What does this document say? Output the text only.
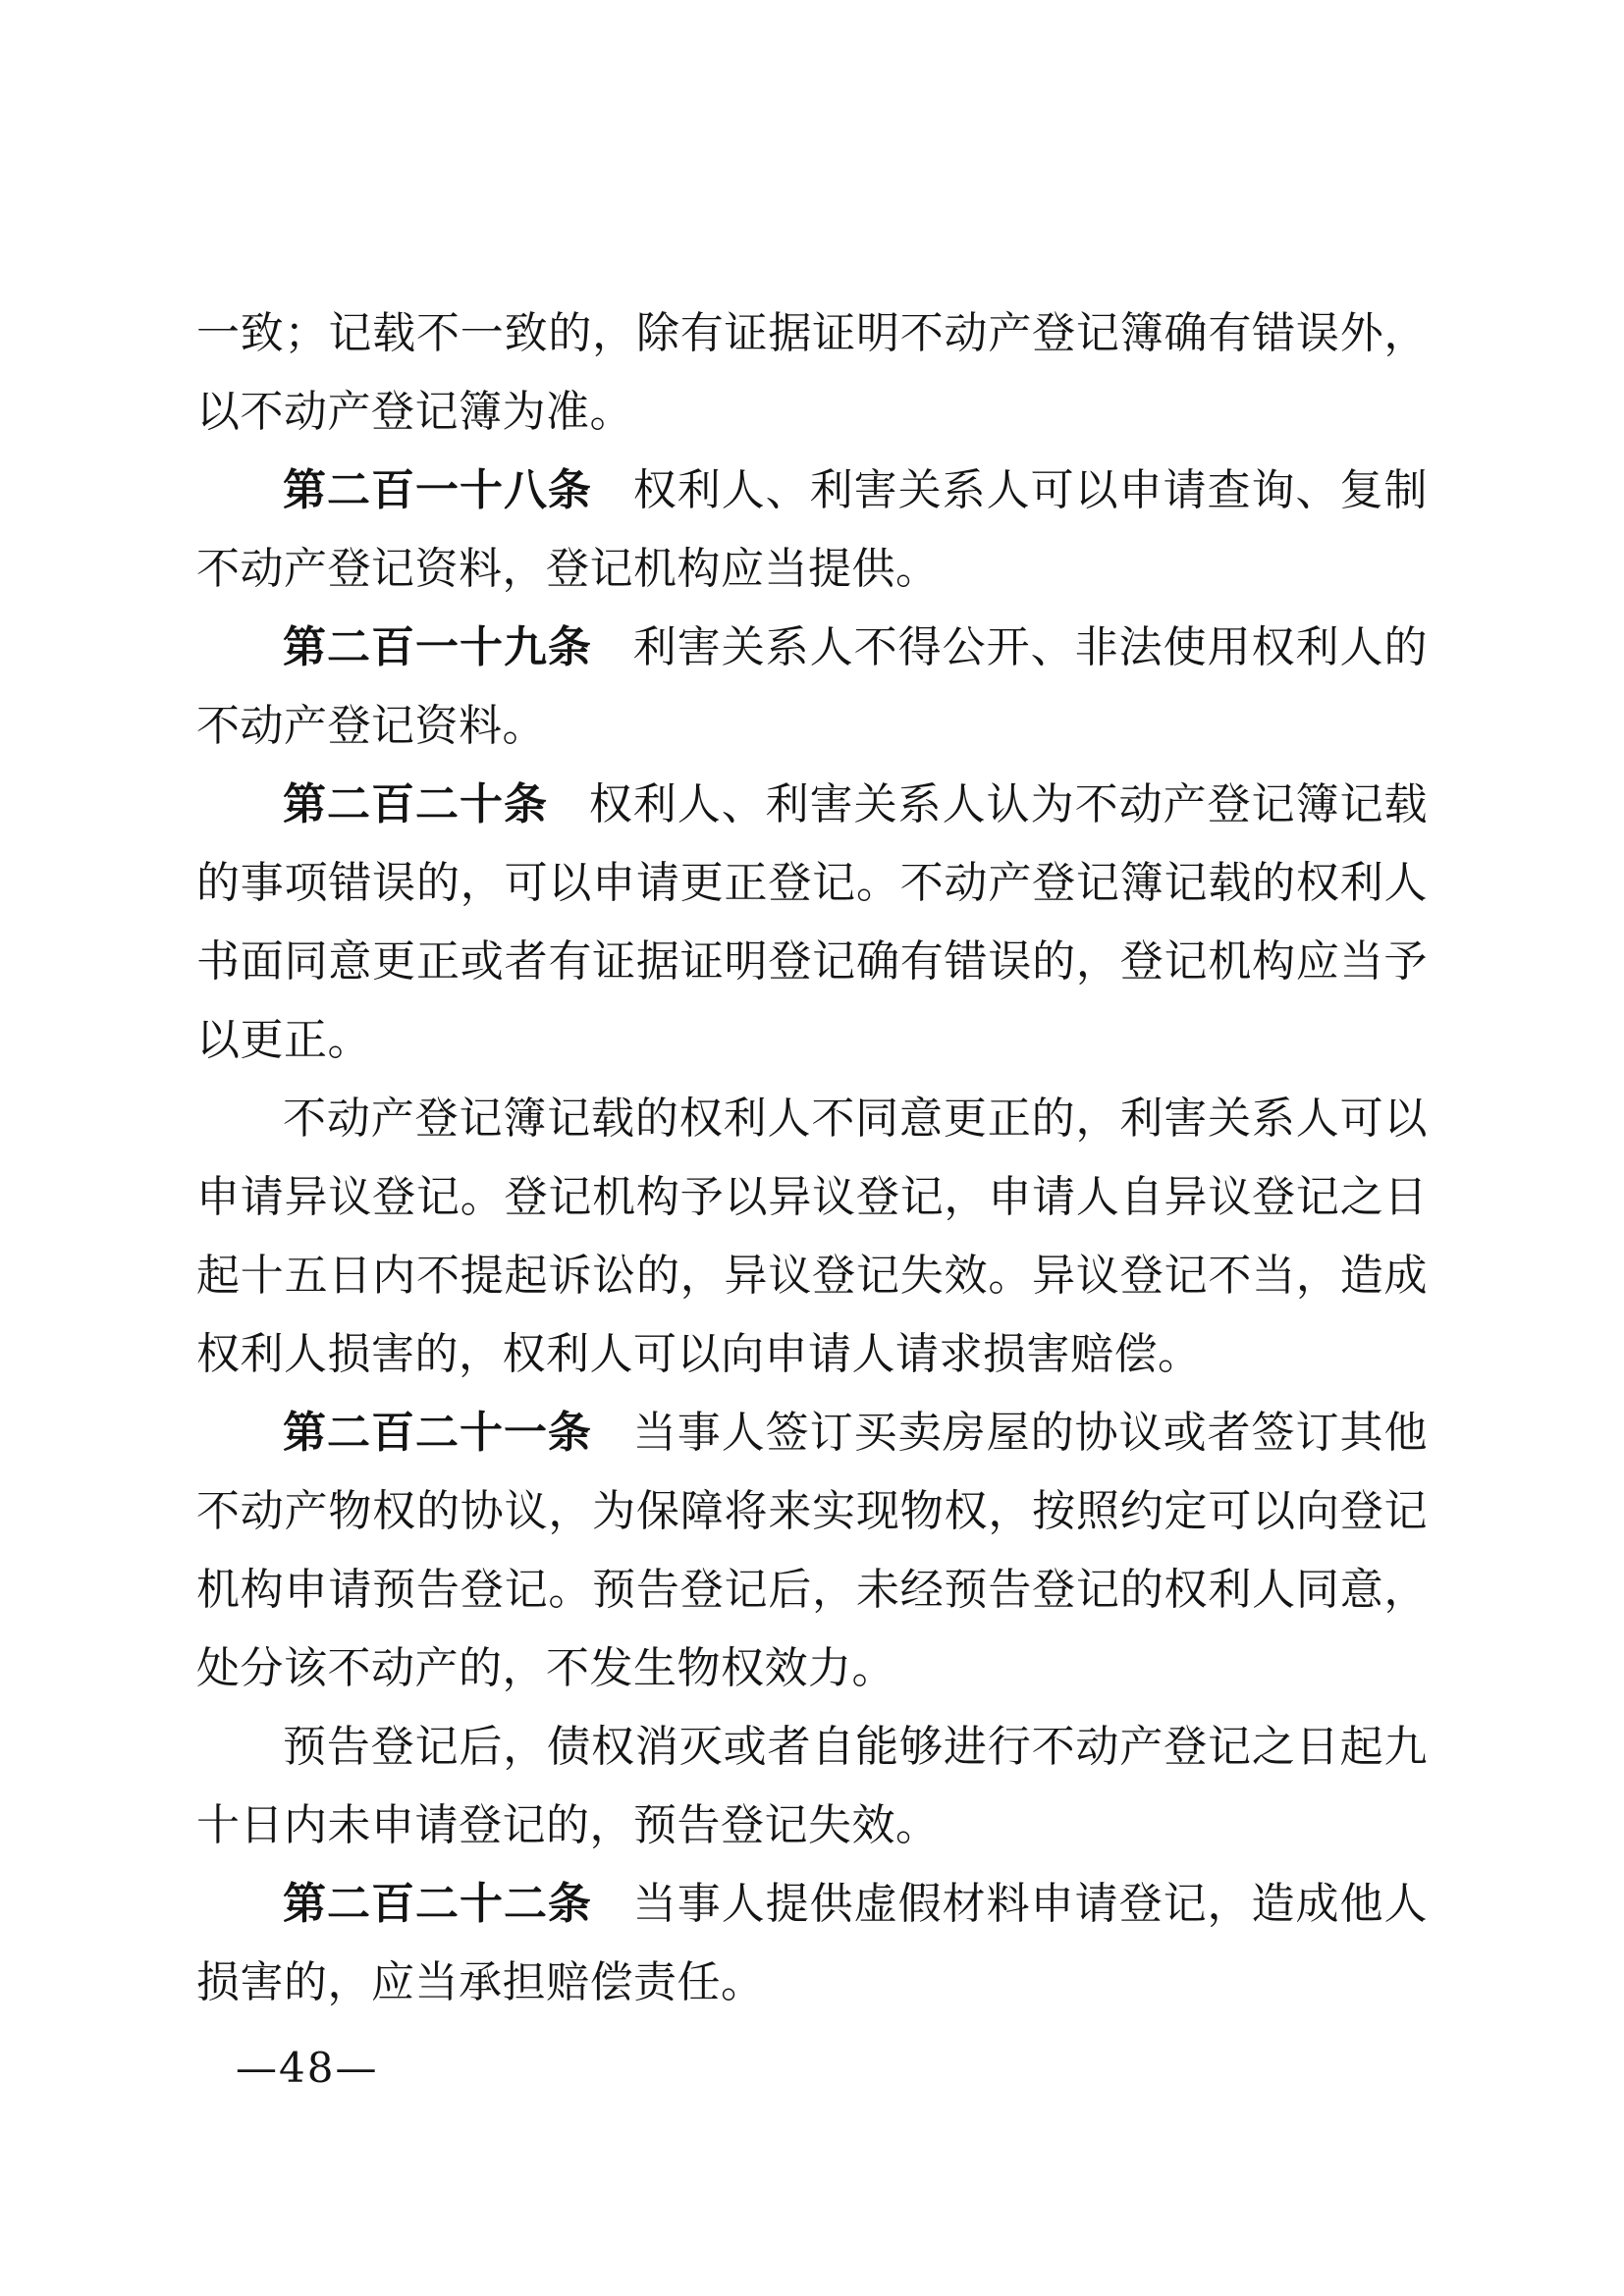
一致；记载不一致的，除有证据证明不动产登记簿确有错误外，以不动产登记簿为准。

第二百一十八条 权利人、利害关系人可以申请查询、复制不动产登记资料，登记机构应当提供。

第二百一十九条 利害关系人不得公开、非法使用权利人的不动产登记资料。

第二百二十条 权利人、利害关系人认为不动产登记簿记载的事项错误的，可以申请更正登记。不动产登记簿记载的权利人书面同意更正或者有证据证明登记确有错误的，登记机构应当予以更正。

不动产登记簿记载的权利人不同意更正的，利害关系人可以申请异议登记。登记机构予以异议登记，申请人自异议登记之日起十五日内不提起诉讼的，异议登记失效。异议登记不当，造成权利人损害的，权利人可以向申请人请求损害赔偿。

第二百二十一条 当事人签订买卖房屋的协议或者签订其他不动产物权的协议，为保障将来实现物权，按照约定可以向登记机构申请预告登记。预告登记后，未经预告登记的权利人同意，处分该不动产的，不发生物权效力。

预告登记后，债权消灭或者自能够进行不动产登记之日起九十日内未申请登记的，预告登记失效。

第二百二十二条 当事人提供虚假材料申请登记，造成他人损害的，应当承担赔偿责任。

—48—
